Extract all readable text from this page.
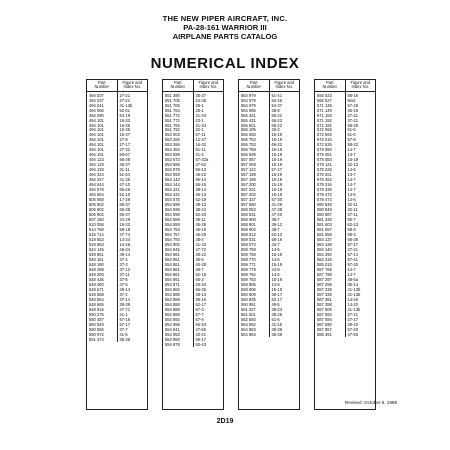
THE NEW PIPER AIRCRAFT, INC.
PA-28-161 WARRIOR III
AIRPLANE PARTS CATALOG
NUMERICAL INDEX
Part
Number	Figure and
Index No.
494 037	27-21
494 037	27-21
494 041	41-13b
494 066	52-51
494 090	54-19
494 101	16-33
494 101	16-35
494 101	16-36
494 101	16-37
494 101	27-8
494 101	27-17
494 101	27-32
494 101	50-67
494 123	56-38
494 133	36-37
494 133	31-11
494 224	51-54
494 227	41-35
494 644	47-10
494 678	66-26
494 864	52-10
505 068	17-26
506 902	66-37
506 902	66-38
506 902	66-37
507 150	24-29
510 058	16-33
514 758	58-18
515 714	47-74
519 653	14-34
519 653	14-46
524 145	46-34
548 861	49-14
548 161	37-4
548 190	37-3
548 289	37-12
548 290	37-11
548 435	37-5
548 460	37-6
548 671	49-14
548 568	37-2
548 664	37-14
548 665	38-39
548 915	47-71
550 275	41-1
550 487	57-16
550 549	57-17
550 556	37-7
550 972	41-5
551 374	35-38
Part
Number	Figure and
Index No.
551 390	35-37
551 705	24-35
551 705	26-1
551 764	25-1
551 772	21-34
551 772	23-1
551 792	21-34
551 792	22-1
553 003	67-11
553 266	12-37
553 266	16-32
553 484	61-11
553 599	41-4
553 673	67-32a
553 685	47-62
553 878	56-13
554 093	46-22
554 143	56-14
554 144	56-15
554 221	38-14
554 422	36-13
554 575	62-19
554 598	38-13
554 598	38-24
554 598	52-20
554 659	39-11
554 659	45-38
554 753	45-19
554 757	46-29
554 793	38-4
554 800	41-33
554 845	47-72
554 861	38-22
554 861	40-5
554 861	40-28
554 861	49-7
554 861	62-18
554 861	65-3
554 871	29-34
554 882	56-36
554 888	38-13
554 888	38-16
554 888	62-17
554 888	67-3
554 888	67-7
554 892	67-9
554 896	56-34
554 941	47-65
554 953	40-21
554 960	59-17
554 979	50-43
Part
Number	Figure and
Index No.
554 979	51-41
554 979	52-46
554 979	54-37
554 985	38-8
555 421	66-22
555 421	66-23
555 601	66-22
556 105	40-2
556 693	15-19
556 753	15-19
556 753	66-22
556 759	15-19
556 839	15-19
557 057	15-19
557 059	15-19
557 122	57-47
557 198	15-19
557 199	15-19
557 200	15-19
557 201	15-19
557 202	15-19
557 337	57-30
557 580	41-49
558 053	47-38
558 831	47-40
558 900	38-7
558 901	39-12
558 902	38-7
558 913	62-13
559 031	59-16
559 074	44-7
559 759	14-5
559 759	15-19
559 770	14-5
559 771	15-19
559 779	44-8
559 782	14-5
559 783	15-19
559 805	14-5
559 806	15-19
560 809	38-17
560 835	62-17
560 951	49-5
561 027	38-23
561 501	38-26
562 593	61-6
564 852	41-15
564 863	35-39
564 864	35-39
Part
Number	Figure and
Index No.
565 523	86-16
566 527	Misc
571 136	57-25
571 149	35-15
571 183	27-21
571 192	37-21
571 192	58-25
572 592	61-6
572 593	61-6
572 610	57-8
572 625	58-22
579 080	14-7
579 081	14-7
579 083	15-19
579 121	32-13
579 226	14-5
579 261	14-7
579 262	14-7
579 316	14-7
579 338	14-7
579 472	14-5
579 474	14-5
580 848	32-11
580 849	32-11
580 887	47-11
581 330	55-7
581 603	62-13
581 657	58-3
581 658	58-3
584 137	66-36
584 138	57-17
584 140	27-21
584 290	57-14
584 315	57-41
585 015	57-20
587 768	14-7
587 798	14-7
587 297	48-5a
587 299	35-14
587 339	41-13b
587 339	41-13b
587 381	14-26
587 388	14-20
587 505	41-13b
587 593	27-21
587 594	27-17
587 690	39-42
587 857	57-40
588 391	47-50
Revised: October 8, 1998
2D19
